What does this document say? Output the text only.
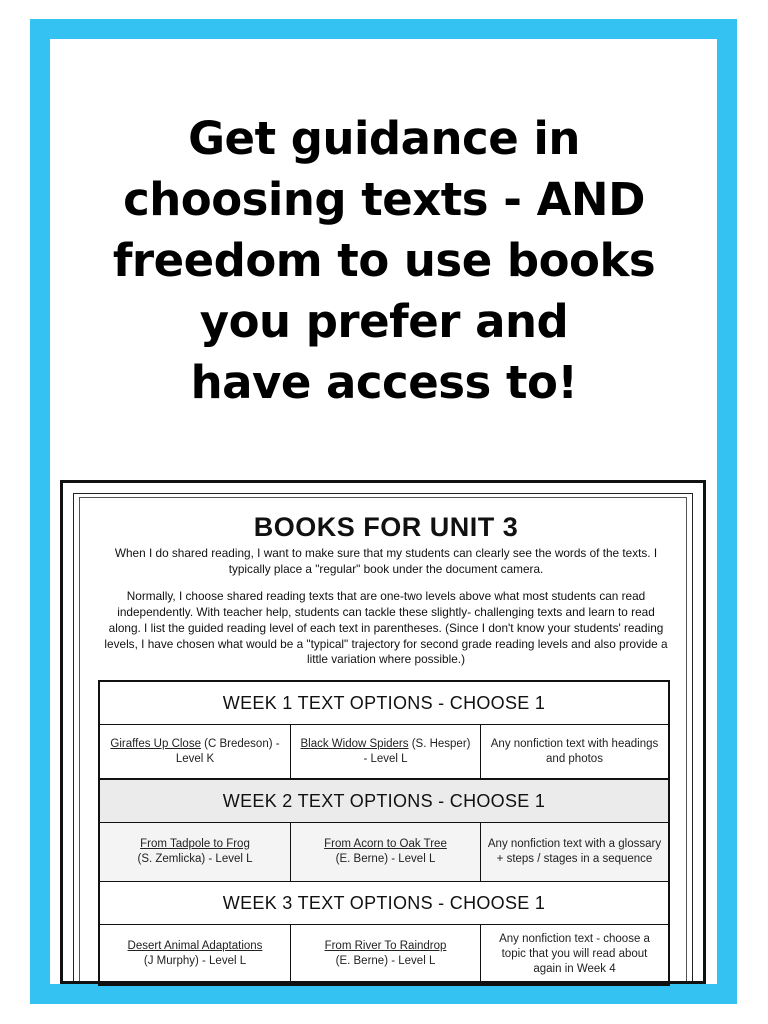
Get guidance in
choosing texts - AND
freedom to use books
you prefer and
have access to!
BOOKS FOR UNIT 3
When I do shared reading, I want to make sure that my students can clearly see the words of the texts. I typically place a "regular" book under the document camera.
Normally, I choose shared reading texts that are one-two levels above what most students can read independently. With teacher help, students can tackle these slightly- challenging texts and learn to read along. I list the guided reading level of each text in parentheses. (Since I don't know your students' reading levels, I have chosen what would be a "typical" trajectory for second grade reading levels and also provide a little variation where possible.)
WEEK 1 TEXT OPTIONS - CHOOSE 1
Giraffes Up Close (C Bredeson) - Level K
Black Widow Spiders (S. Hesper) - Level L
Any nonfiction text with headings and photos
WEEK 2 TEXT OPTIONS - CHOOSE 1
From Tadpole to Frog
(S. Zemlicka) - Level L
From Acorn to Oak Tree
(E. Berne) - Level L
Any nonfiction text with a glossary + steps / stages in a sequence
WEEK 3 TEXT OPTIONS - CHOOSE 1
Desert Animal Adaptations
(J Murphy) - Level L
From River To Raindrop
(E. Berne) - Level L
Any nonfiction text - choose a topic that you will read about again in Week 4
